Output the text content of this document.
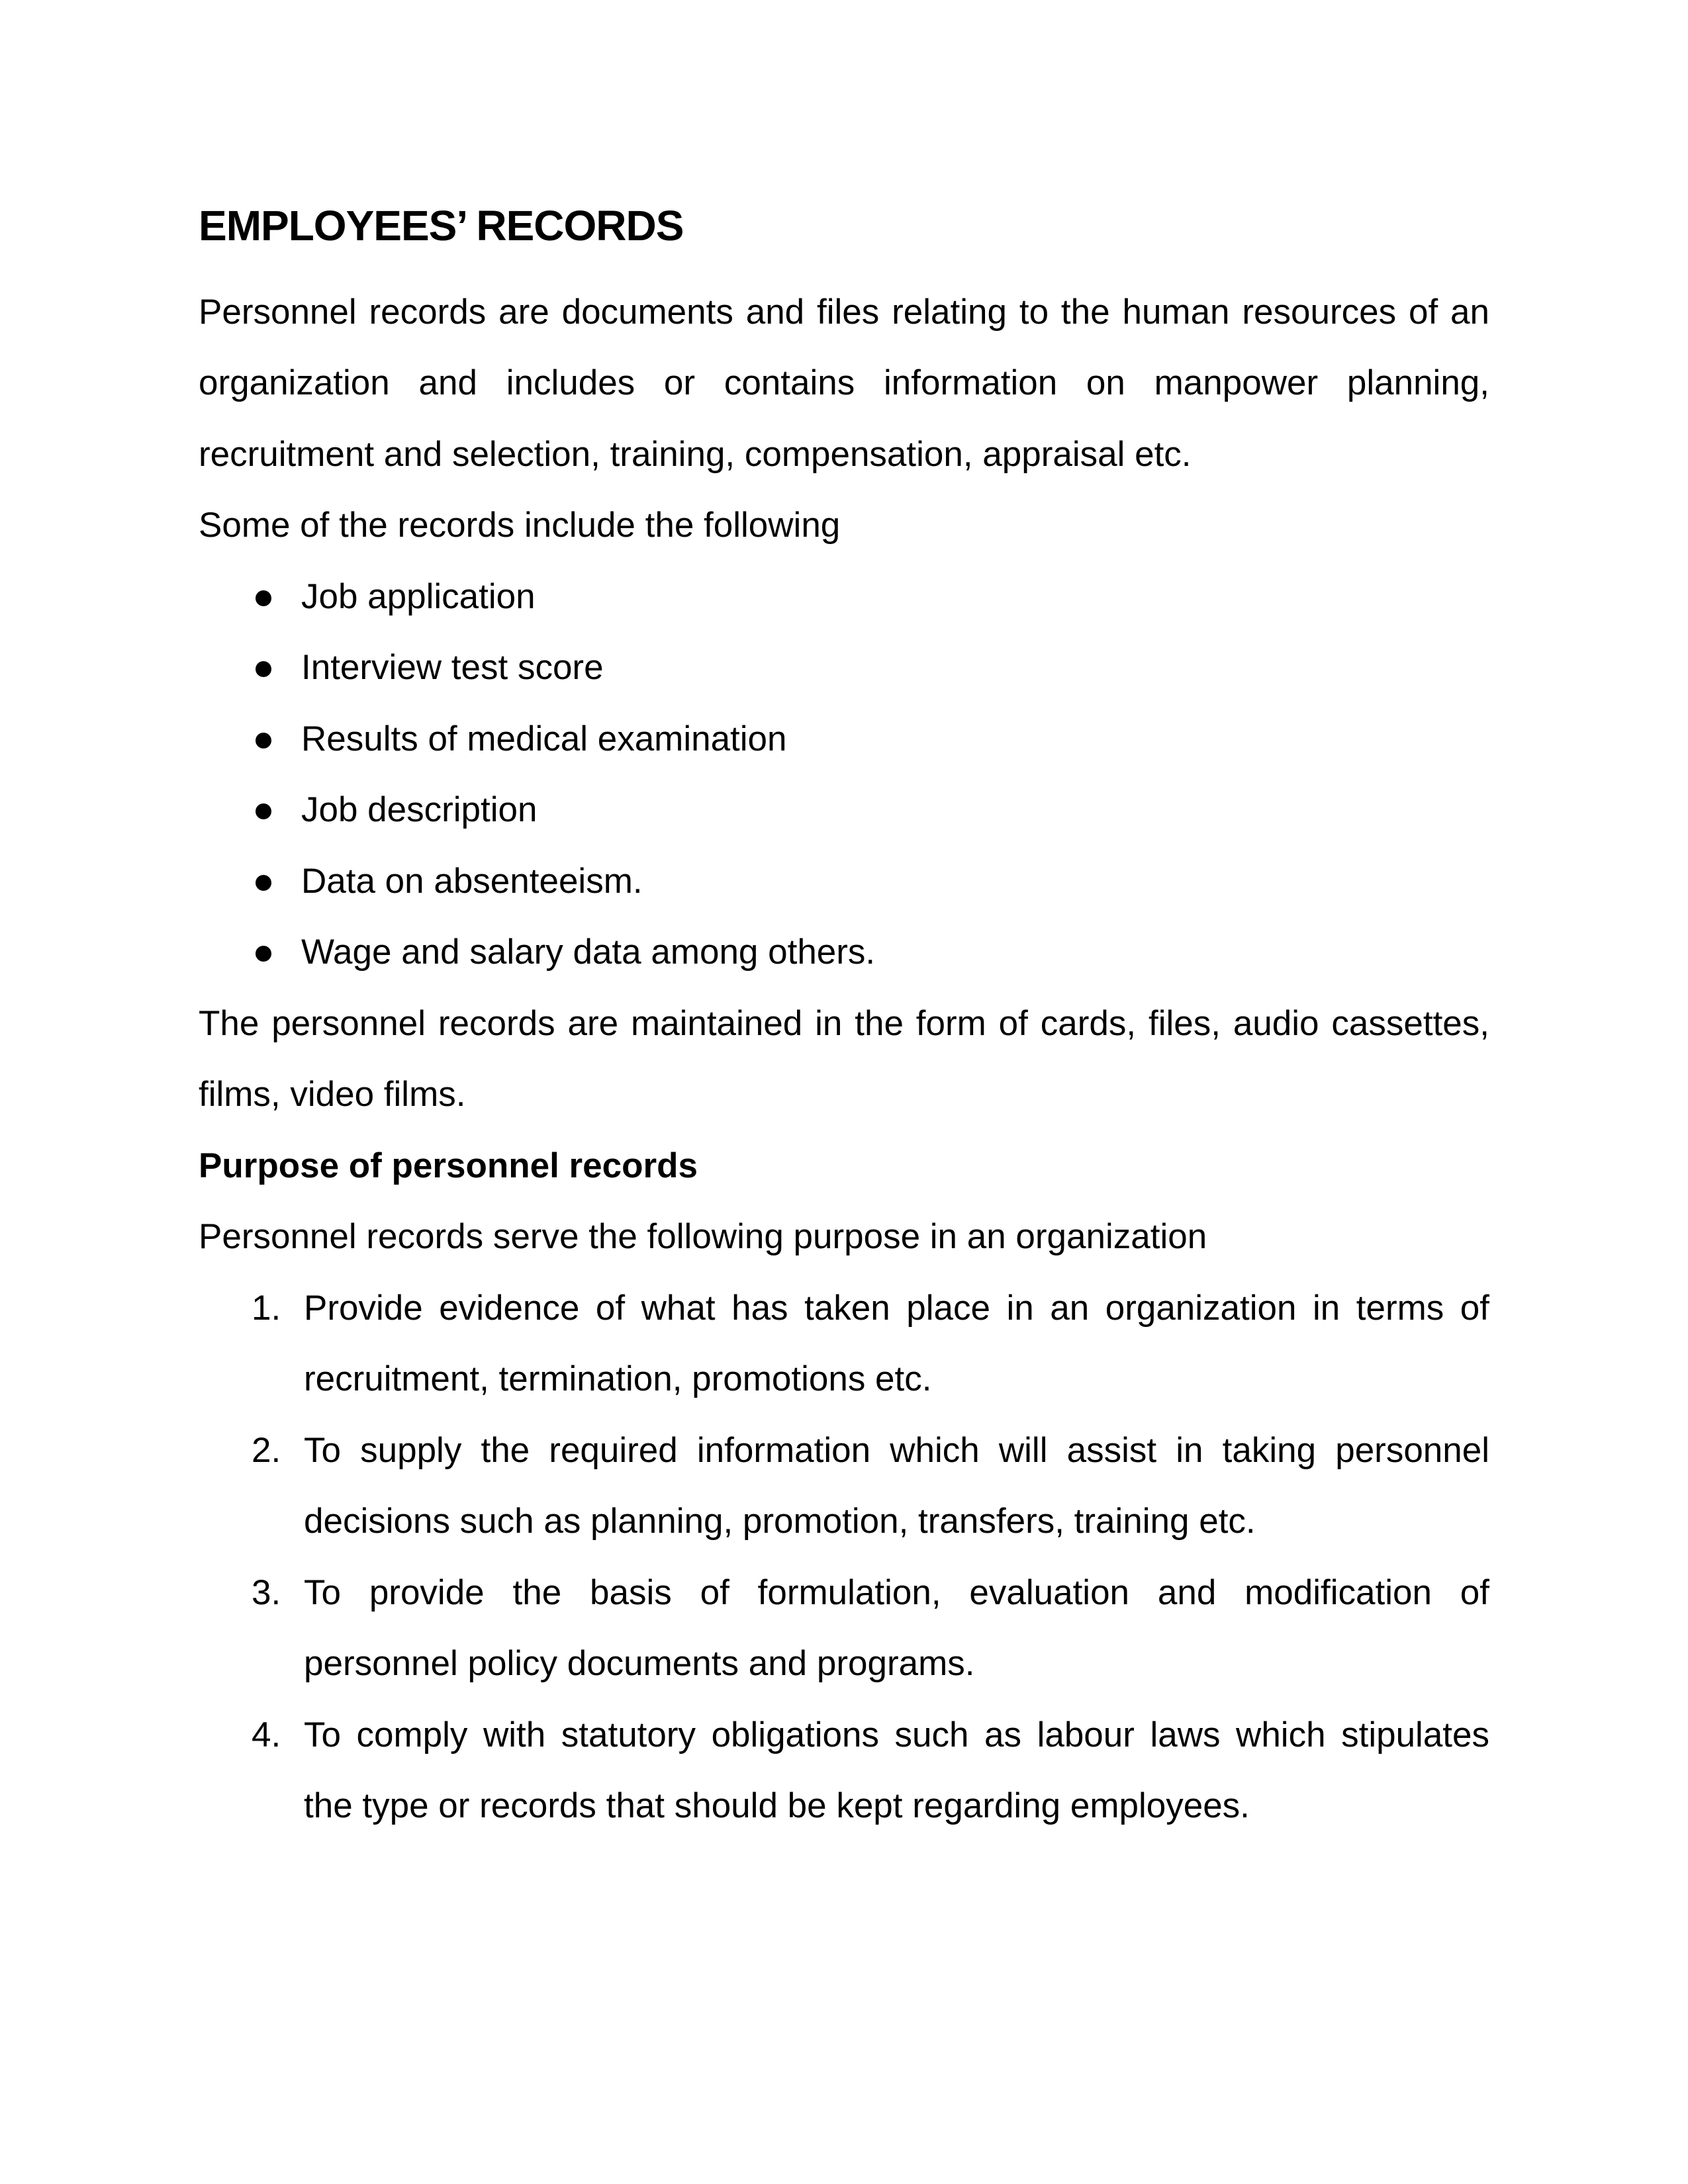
EMPLOYEES’ RECORDS
Personnel records are documents and files relating to the human resources of an
organization and includes or contains information on manpower planning,
recruitment and selection, training, compensation, appraisal etc.
Some of the records include the following
Job application
Interview test score
Results of medical examination
Job description
Data on absenteeism.
Wage and salary data among others.
The personnel records are maintained in the form of cards, files, audio cassettes,
films, video films.
Purpose of personnel records
Personnel records serve the following purpose in an organization
1. Provide evidence of what has taken place in an organization in terms of
recruitment, termination, promotions etc.
2. To supply the required information which will assist in taking personnel
decisions such as planning, promotion, transfers, training etc.
3. To provide the basis of formulation, evaluation and modification of
personnel policy documents and programs.
4. To comply with statutory obligations such as labour laws which stipulates
the type or records that should be kept regarding employees.
